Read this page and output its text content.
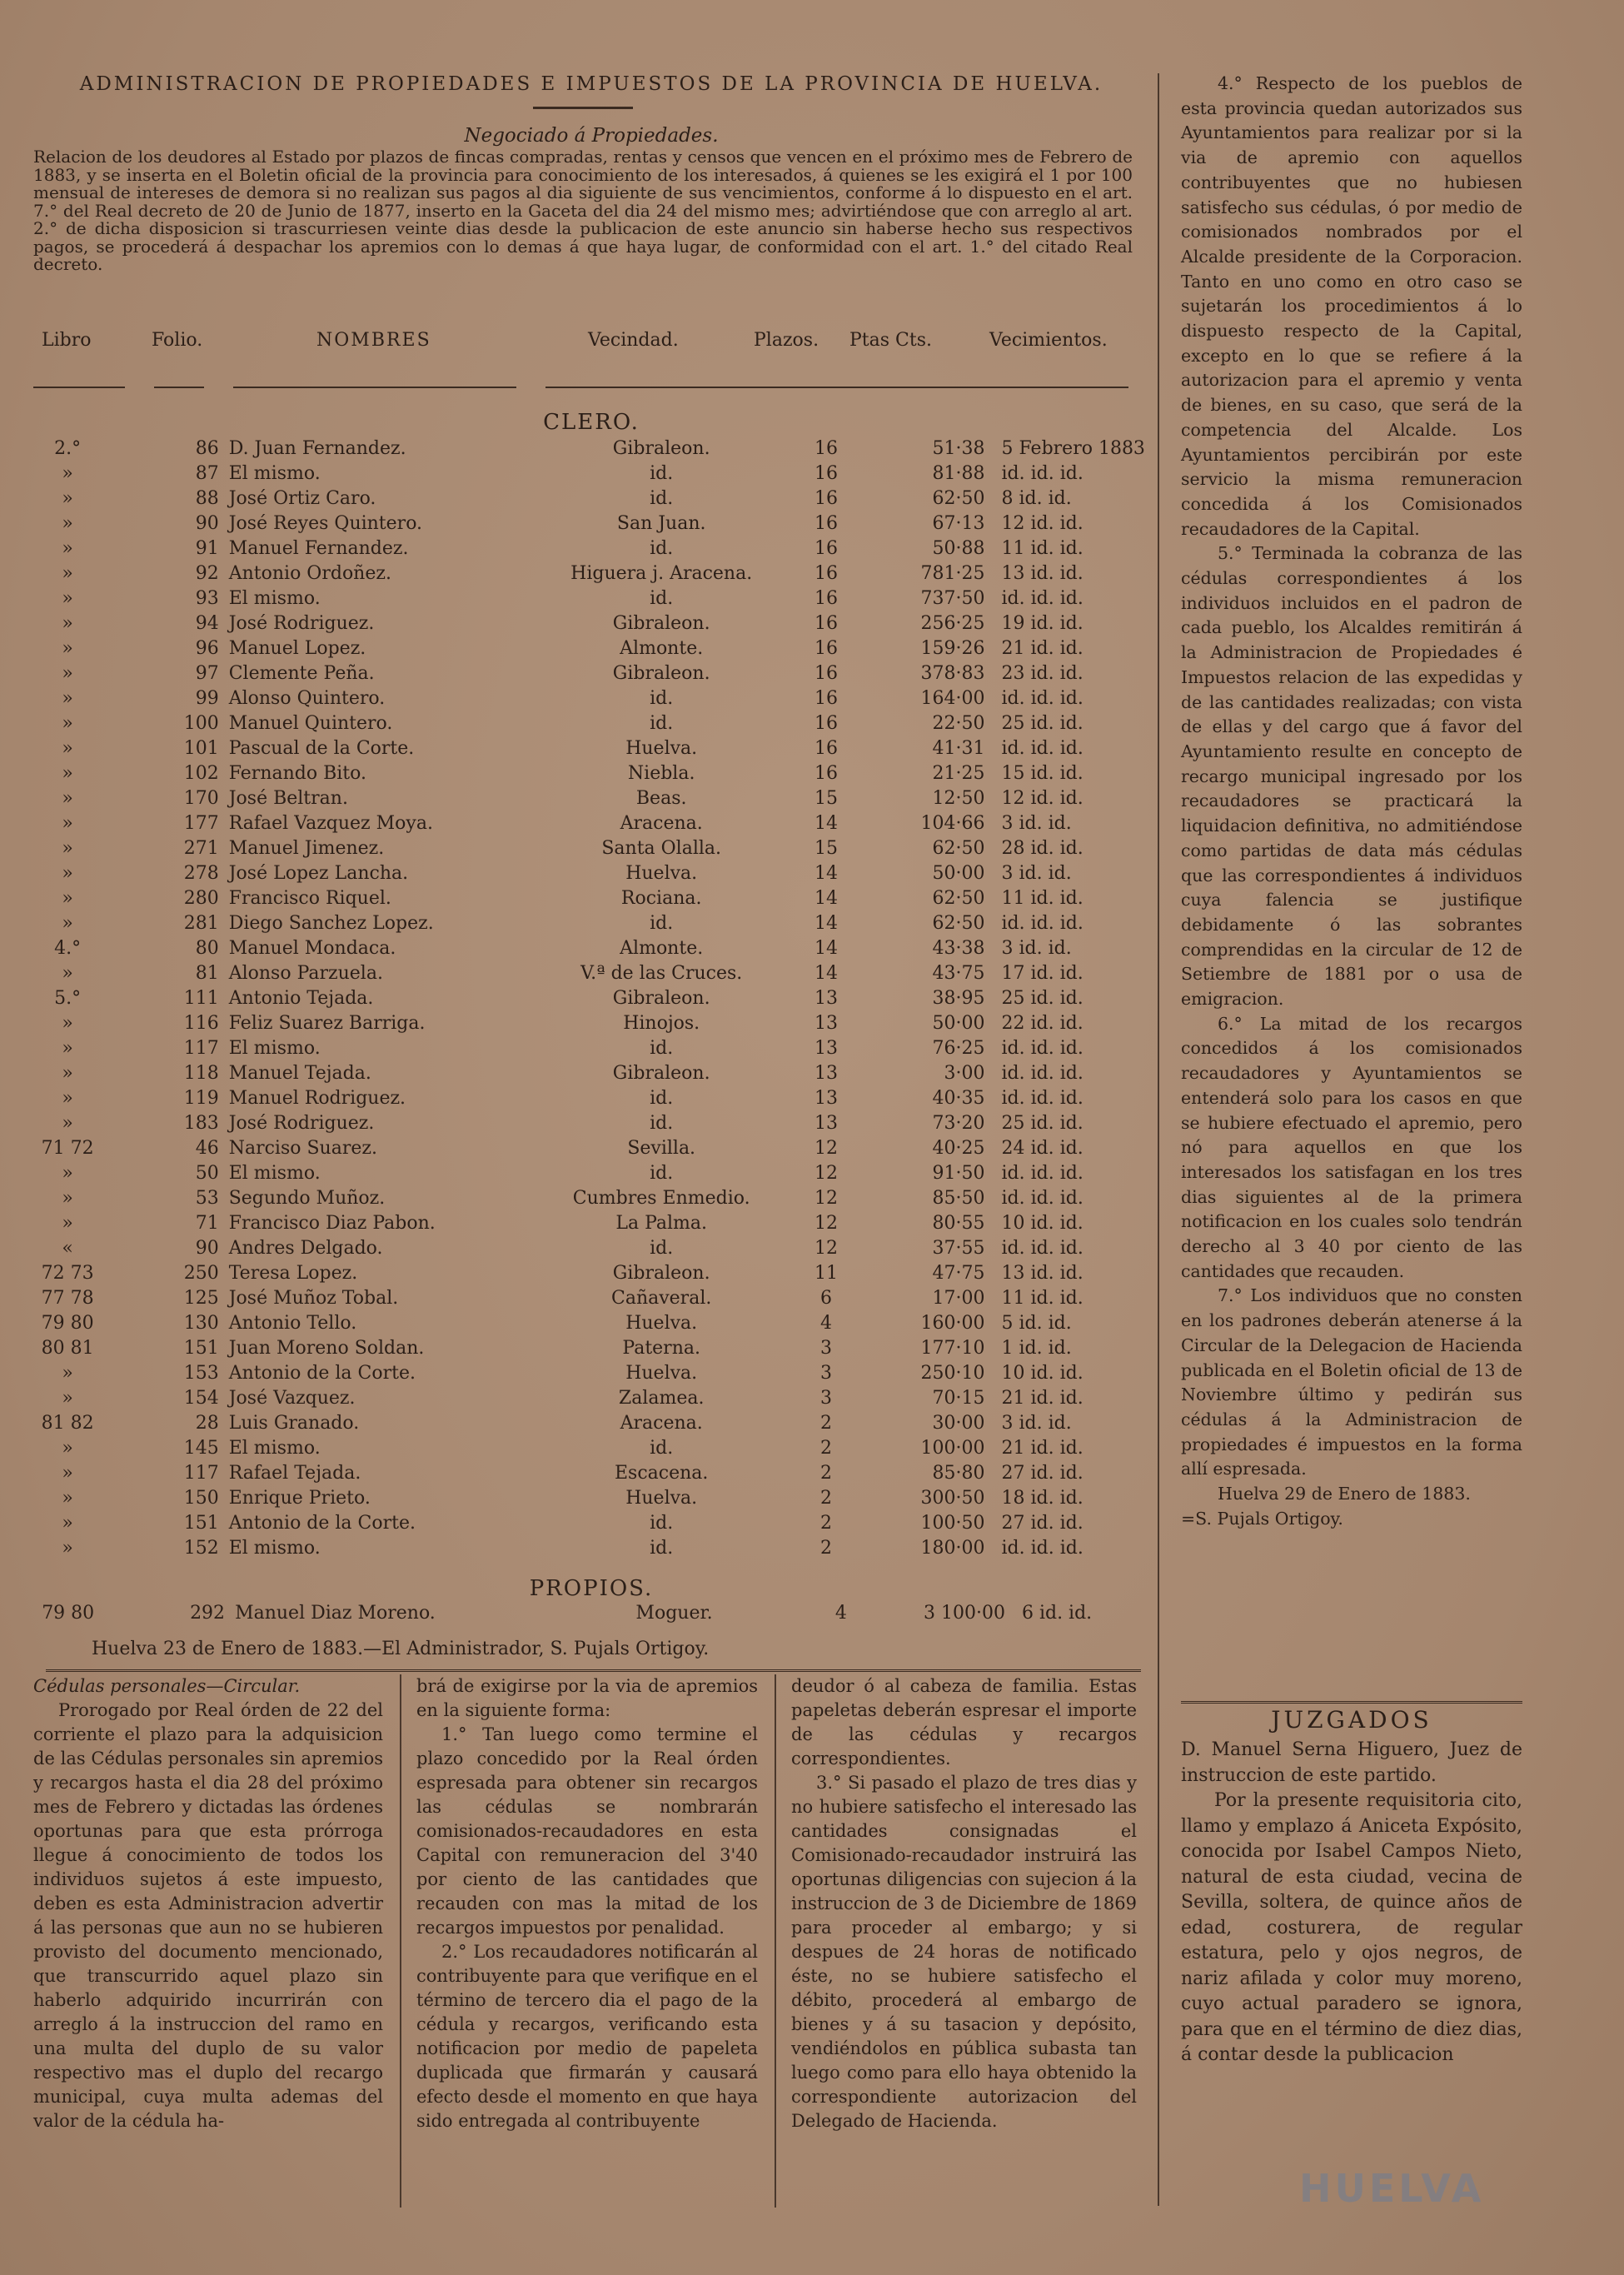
ADMINISTRACION DE PROPIEDADES E IMPUESTOS DE LA PROVINCIA DE HUELVA.
Negociado á Propiedades.
Relacion de los deudores al Estado por plazos de fincas compradas, rentas y censos que vencen en el próximo mes de Febrero de 1883, y se inserta en el Boletin oficial de la provincia para conocimiento de los interesados, á quienes se les exigirá el 1 por 100 mensual de intereses de demora si no realizan sus pagos al dia siguiente de sus vencimientos, conforme á lo dispuesto en el art. 7.° del Real decreto de 20 de Junio de 1877, inserto en la Gaceta del dia 24 del mismo mes; advirtiéndose que con arreglo al art. 2.° de dicha disposicion si trascurriesen veinte dias desde la publicacion de este anuncio sin haberse hecho sus respectivos pagos, se procederá á despachar los apremios con lo demas á que haya lugar, de conformidad con el art. 1.° del citado Real decreto.
Libro	Folio.	NOMBRES	Vecindad.	Plazos. Ptas Cts.	Vecimientos.
CLERO.
2.°	86	D. Juan Fernandez.	Gibraleon.	16	51·38	5 Febrero 1883
»	87	El mismo.	id.	16	81·88	id. id. id.
»	88	José Ortiz Caro.	id.	16	62·50	8 id. id.
»	90	José Reyes Quintero.	San Juan.	16	67·13	12 id. id.
»	91	Manuel Fernandez.	id.	16	50·88	11 id. id.
»	92	Antonio Ordoñez.	Higuera j. Aracena.	16	781·25	13 id. id.
»	93	El mismo.	id.	16	737·50	id. id. id.
»	94	José Rodriguez.	Gibraleon.	16	256·25	19 id. id.
»	96	Manuel Lopez.	Almonte.	16	159·26	21 id. id.
»	97	Clemente Peña.	Gibraleon.	16	378·83	23 id. id.
»	99	Alonso Quintero.	id.	16	164·00	id. id. id.
»	100	Manuel Quintero.	id.	16	22·50	25 id. id.
»	101	Pascual de la Corte.	Huelva.	16	41·31	id. id. id.
»	102	Fernando Bito.	Niebla.	16	21·25	15 id. id.
»	170	José Beltran.	Beas.	15	12·50	12 id. id.
»	177	Rafael Vazquez Moya.	Aracena.	14	104·66	3 id. id.
»	271	Manuel Jimenez.	Santa Olalla.	15	62·50	28 id. id.
»	278	José Lopez Lancha.	Huelva.	14	50·00	3 id. id.
»	280	Francisco Riquel.	Rociana.	14	62·50	11 id. id.
»	281	Diego Sanchez Lopez.	id.	14	62·50	id. id. id.
4.°	80	Manuel Mondaca.	Almonte.	14	43·38	3 id. id.
»	81	Alonso Parzuela.	V.ª de las Cruces.	14	43·75	17 id. id.
5.°	111	Antonio Tejada.	Gibraleon.	13	38·95	25 id. id.
»	116	Feliz Suarez Barriga.	Hinojos.	13	50·00	22 id. id.
»	117	El mismo.	id.	13	76·25	id. id. id.
»	118	Manuel Tejada.	Gibraleon.	13	3·00	id. id. id.
»	119	Manuel Rodriguez.	id.	13	40·35	id. id. id.
»	183	José Rodriguez.	id.	13	73·20	25 id. id.
71 72	46	Narciso Suarez.	Sevilla.	12	40·25	24 id. id.
»	50	El mismo.	id.	12	91·50	id. id. id.
»	53	Segundo Muñoz.	Cumbres Enmedio.	12	85·50	id. id. id.
»	71	Francisco Diaz Pabon.	La Palma.	12	80·55	10 id. id.
«	90	Andres Delgado.	id.	12	37·55	id. id. id.
72 73	250	Teresa Lopez.	Gibraleon.	11	47·75	13 id. id.
77 78	125	José Muñoz Tobal.	Cañaveral.	6	17·00	11 id. id.
79 80	130	Antonio Tello.	Huelva.	4	160·00	5 id. id.
80 81	151	Juan Moreno Soldan.	Paterna.	3	177·10	1 id. id.
»	153	Antonio de la Corte.	Huelva.	3	250·10	10 id. id.
»	154	José Vazquez.	Zalamea.	3	70·15	21 id. id.
81 82	28	Luis Granado.	Aracena.	2	30·00	3 id. id.
»	145	El mismo.	id.	2	100·00	21 id. id.
»	117	Rafael Tejada.	Escacena.	2	85·80	27 id. id.
»	150	Enrique Prieto.	Huelva.	2	300·50	18 id. id.
»	151	Antonio de la Corte.	id.	2	100·50	27 id. id.
»	152	El mismo.	id.	2	180·00	id. id. id.
PROPIOS.
79 80	292	Manuel Diaz Moreno.	Moguer.	4	3 100·00	6 id. id.
Huelva 23 de Enero de 1883.—El Administrador, S. Pujals Ortigoy.

Cédulas personales—Circular.

Prorogado por Real órden de 22 del corriente el plazo para la adquisicion de las Cédulas personales sin apremios y recargos hasta el dia 28 del próximo mes de Febrero y dictadas las órdenes oportunas para que esta prórroga llegue á conocimiento de todos los individuos sujetos á este impuesto, deben es esta Administracion advertir á las personas que aun no se hubieren provisto del documento mencionado, que transcurrido aquel plazo sin haberlo adquirido incurrirán con arreglo á la instruccion del ramo en una multa del duplo de su valor respectivo mas el duplo del recargo municipal, cuya multa ademas del valor de la cédula ha-

brá de exigirse por la via de apremios en la siguiente forma:

1.° Tan luego como termine el plazo concedido por la Real órden espresada para obtener sin recargos las cédulas se nombrarán comisionados-recaudadores en esta Capital con remuneracion del 3'40 por ciento de las cantidades que recauden con mas la mitad de los recargos impuestos por penalidad.

2.° Los recaudadores notificarán al contribuyente para que verifique en el término de tercero dia el pago de la cédula y recargos, verificando esta notificacion por medio de papeleta duplicada que firmarán y causará efecto desde el momento en que haya sido entregada al contribuyente

deudor ó al cabeza de familia. Estas papeletas deberán espresar el importe de las cédulas y recargos correspondientes.

3.° Si pasado el plazo de tres dias y no hubiere satisfecho el interesado las cantidades consignadas el Comisionado-recaudador instruirá las oportunas diligencias con sujecion á la instruccion de 3 de Diciembre de 1869 para proceder al embargo; y si despues de 24 horas de notificado éste, no se hubiere satisfecho el débito, procederá al embargo de bienes y á su tasacion y depósito, vendiéndolos en pública subasta tan luego como para ello haya obtenido la correspondiente autorizacion del Delegado de Hacienda.

4.° Respecto de los pueblos de esta provincia quedan autorizados sus Ayuntamientos para realizar por si la via de apremio con aquellos contribuyentes que no hubiesen satisfecho sus cédulas, ó por medio de comisionados nombrados por el Alcalde presidente de la Corporacion. Tanto en uno como en otro caso se sujetarán los procedimientos á lo dispuesto respecto de la Capital, excepto en lo que se refiere á la autorizacion para el apremio y venta de bienes, en su caso, que será de la competencia del Alcalde. Los Ayuntamientos percibirán por este servicio la misma remuneracion concedida á los Comisionados recaudadores de la Capital.

5.° Terminada la cobranza de las cédulas correspondientes á los individuos incluidos en el padron de cada pueblo, los Alcaldes remitirán á la Administracion de Propiedades é Impuestos relacion de las expedidas y de las cantidades realizadas; con vista de ellas y del cargo que á favor del Ayuntamiento resulte en concepto de recargo municipal ingresado por los recaudadores se practicará la liquidacion definitiva, no admitiéndose como partidas de data más cédulas que las correspondientes á individuos cuya falencia se justifique debidamente ó las sobrantes comprendidas en la circular de 12 de Setiembre de 1881 por o usa de emigracion.

6.° La mitad de los recargos concedidos á los comisionados recaudadores y Ayuntamientos se entenderá solo para los casos en que se hubiere efectuado el apremio, pero nó para aquellos en que los interesados los satisfagan en los tres dias siguientes al de la primera notificacion en los cuales solo tendrán derecho al 3 40 por ciento de las cantidades que recauden.

7.° Los individuos que no consten en los padrones deberán atenerse á la Circular de la Delegacion de Hacienda publicada en el Boletin oficial de 13 de Noviembre último y pedirán sus cédulas á la Administracion de propiedades é impuestos en la forma allí espresada.

Huelva 29 de Enero de 1883.

=S. Pujals Ortigoy.

JUZGADOS

D. Manuel Serna Higuero, Juez de instruccion de este partido.

Por la presente requisitoria cito, llamo y emplazo á Aniceta Expósito, conocida por Isabel Campos Nieto, natural de esta ciudad, vecina de Sevilla, soltera, de quince años de edad, costurera, de regular estatura, pelo y ojos negros, de nariz afilada y color muy moreno, cuyo actual paradero se ignora, para que en el término de diez dias, á contar desde la publicacion

HUELVA
